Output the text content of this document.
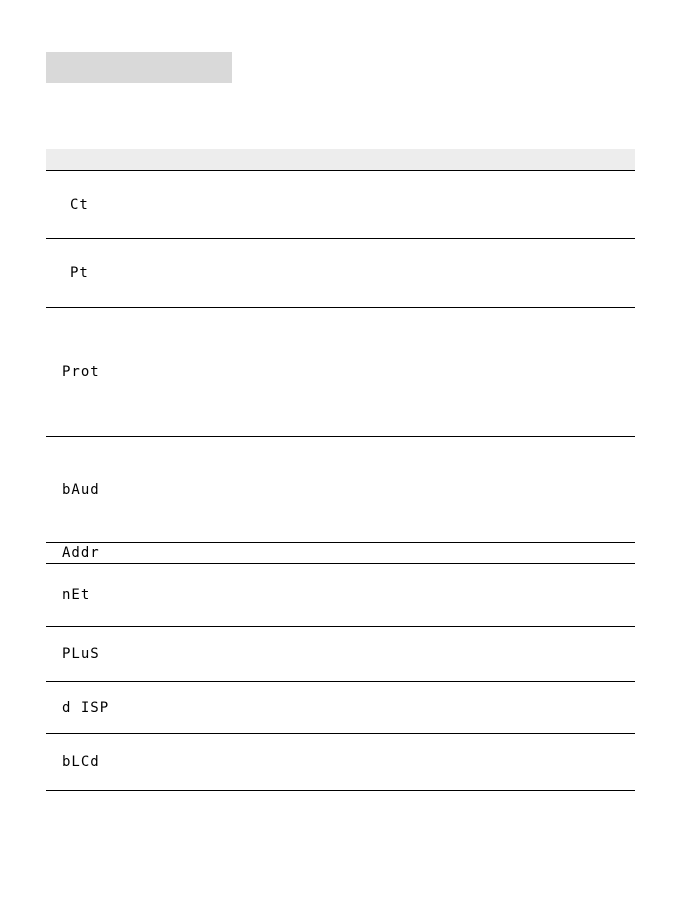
Ct
Pt
Prot
bAud
Addr
nEt
PLuS
d ISP
bLCd
